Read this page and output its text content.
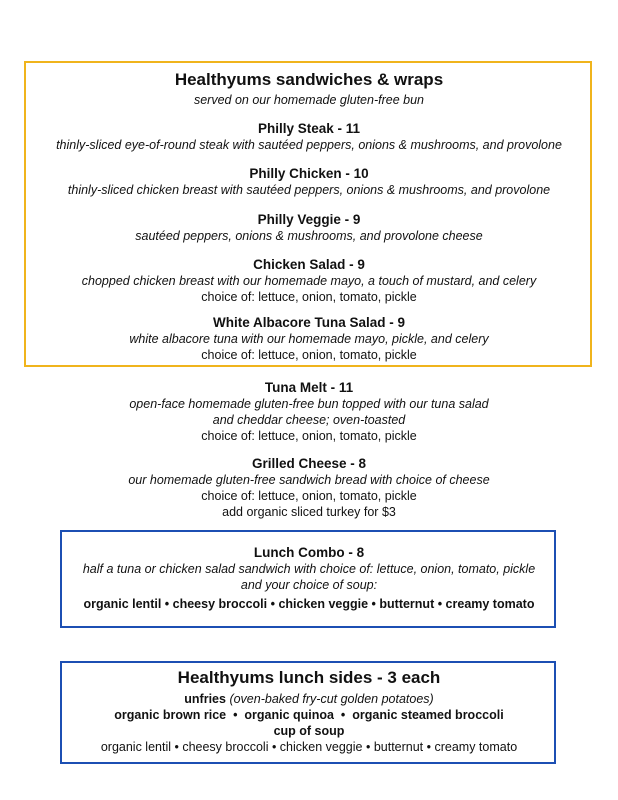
Healthyums sandwiches & wraps

served on our homemade gluten-free bun

Philly Steak - 11

thinly-sliced eye-of-round steak with sautéed peppers, onions & mushrooms, and provolone

Philly Chicken - 10

thinly-sliced chicken breast with sautéed peppers, onions & mushrooms, and provolone

Philly Veggie - 9

sautéed peppers, onions & mushrooms, and provolone cheese

Chicken Salad - 9

chopped chicken breast with our homemade mayo, a touch of mustard, and celery

choice of: lettuce, onion, tomato, pickle

White Albacore Tuna Salad - 9

white albacore tuna with our homemade mayo, pickle, and celery

choice of: lettuce, onion, tomato, pickle

Tuna Melt - 11

open-face homemade gluten-free bun topped with our tuna salad

and cheddar cheese; oven-toasted

choice of: lettuce, onion, tomato, pickle

Grilled Cheese - 8

our homemade gluten-free sandwich bread with choice of cheese

choice of: lettuce, onion, tomato, pickle

add organic sliced turkey for $3

Lunch Combo - 8

half a tuna or chicken salad sandwich with choice of: lettuce, onion, tomato, pickle

and your choice of soup:

organic lentil • cheesy broccoli • chicken veggie • butternut • creamy tomato

Healthyums lunch sides - 3 each

unfries (oven-baked fry-cut golden potatoes)

organic brown rice  •  organic quinoa  •  organic steamed broccoli

cup of soup

organic lentil • cheesy broccoli • chicken veggie • butternut • creamy tomato
